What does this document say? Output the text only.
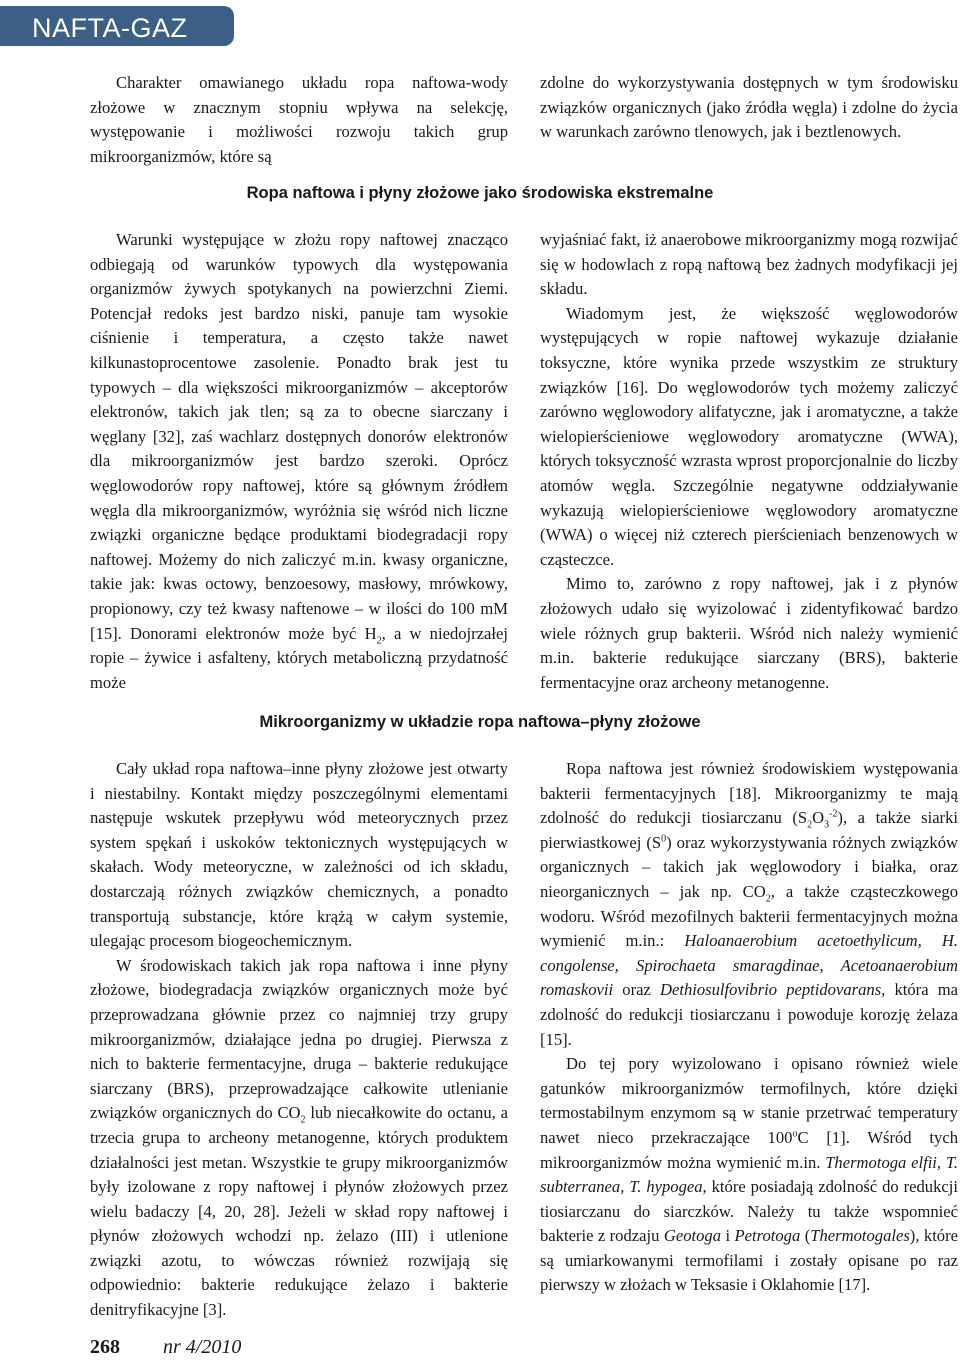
NAFTA-GAZ

Charakter omawianego układu ropa naftowa-wody złożowe w znacznym stopniu wpływa na selekcję, występowanie i możliwości rozwoju takich grup mikroorganizmów, które są

zdolne do wykorzystywania dostępnych w tym środowisku związków organicznych (jako źródła węgla) i zdolne do życia w warunkach zarówno tlenowych, jak i beztlenowych.

Ropa naftowa i płyny złożowe jako środowiska ekstremalne

Warunki występujące w złożu ropy naftowej znacząco odbiegają od warunków typowych dla występowania organizmów żywych spotykanych na powierzchni Ziemi. Potencjał redoks jest bardzo niski, panuje tam wysokie ciśnienie i temperatura, a często także nawet kilkunastoprocentowe zasolenie. Ponadto brak jest tu typowych – dla większości mikroorganizmów – akceptorów elektronów, takich jak tlen; są za to obecne siarczany i węglany [32], zaś wachlarz dostępnych donorów elektronów dla mikroorganizmów jest bardzo szeroki. Oprócz węglowodorów ropy naftowej, które są głównym źródłem węgla dla mikroorganizmów, wyróżnia się wśród nich liczne związki organiczne będące produktami biodegradacji ropy naftowej. Możemy do nich zaliczyć m.in. kwasy organiczne, takie jak: kwas octowy, benzoesowy, masłowy, mrówkowy, propionowy, czy też kwasy naftenowe – w ilości do 100 mM [15]. Donorami elektronów może być $H_2$, a w niedojrzałej ropie – żywice i asfalteny, których metaboliczną przydatność może

wyjaśniać fakt, iż anaerobowe mikroorganizmy mogą rozwijać się w hodowlach z ropą naftową bez żadnych modyfikacji jej składu.

Wiadomym jest, że większość węglowodorów występujących w ropie naftowej wykazuje działanie toksyczne, które wynika przede wszystkim ze struktury związków [16]. Do węglowodorów tych możemy zaliczyć zarówno węglowodory alifatyczne, jak i aromatyczne, a także wielopierścieniowe węglowodory aromatyczne (WWA), których toksyczność wzrasta wprost proporcjonalnie do liczby atomów węgla. Szczególnie negatywne oddziaływanie wykazują wielopierścieniowe węglowodory aromatyczne (WWA) o więcej niż czterech pierścieniach benzenowych w cząsteczce.

Mimo to, zarówno z ropy naftowej, jak i z płynów złożowych udało się wyizolować i zidentyfikować bardzo wiele różnych grup bakterii. Wśród nich należy wymienić m.in. bakterie redukujące siarczany (BRS), bakterie fermentacyjne oraz archeony metanogenne.

Mikroorganizmy w układzie ropa naftowa–płyny złożowe

Cały układ ropa naftowa–inne płyny złożowe jest otwarty i niestabilny. Kontakt między poszczególnymi elementami następuje wskutek przepływu wód meteorycznych przez system spękań i uskoków tektonicznych występujących w skałach. Wody meteoryczne, w zależności od ich składu, dostarczają różnych związków chemicznych, a ponadto transportują substancje, które krążą w całym systemie, ulegając procesom biogeochemicznym.

W środowiskach takich jak ropa naftowa i inne płyny złożowe, biodegradacja związków organicznych może być przeprowadzana głównie przez co najmniej trzy grupy mikroorganizmów, działające jedna po drugiej. Pierwsza z nich to bakterie fermentacyjne, druga – bakterie redukujące siarczany (BRS), przeprowadzające całkowite utlenianie związków organicznych do $CO_2$ lub niecałkowite do octanu, a trzecia grupa to archeony metanogenne, których produktem działalności jest metan. Wszystkie te grupy mikroorganizmów były izolowane z ropy naftowej i płynów złożowych przez wielu badaczy [4, 20, 28]. Jeżeli w skład ropy naftowej i płynów złożowych wchodzi np. żelazo (III) i utlenione związki azotu, to wówczas również rozwijają się odpowiednio: bakterie redukujące żelazo i bakterie denitryfikacyjne [3].

Ropa naftowa jest również środowiskiem występowania bakterii fermentacyjnych [18]. Mikroorganizmy te mają zdolność do redukcji tiosiarczanu $(S_2O_3^{-2})$, a także siarki pierwiastkowej $(S^0)$ oraz wykorzystywania różnych związków organicznych – takich jak węglowodory i białka, oraz nieorganicznych – jak np. $CO_2$, a także cząsteczkowego wodoru. Wśród mezofilnych bakterii fermentacyjnych można wymienić m.in.: Haloanaerobium acetoethylicum, H. congolense, Spirochaeta smaragdinae, Acetoanaerobium romaskovii oraz Dethiosulfovibrio peptidovarans, która ma zdolność do redukcji tiosiarczanu i powoduje korozję żelaza [15].

Do tej pory wyizolowano i opisano również wiele gatunków mikroorganizmów termofilnych, które dzięki termostabilnym enzymom są w stanie przetrwać temperatury nawet nieco przekraczające 100$^o$C [1]. Wśród tych mikroorganizmów można wymienić m.in. Thermotoga elfii, T. subterranea, T. hypogea, które posiadają zdolność do redukcji tiosiarczanu do siarczków. Należy tu także wspomnieć bakterie z rodzaju Geotoga i Petrotoga (Thermotogales), które są umiarkowanymi termofilami i zostały opisane po raz pierwszy w złożach w Teksasie i Oklahomie [17].

268 nr 4/2010
